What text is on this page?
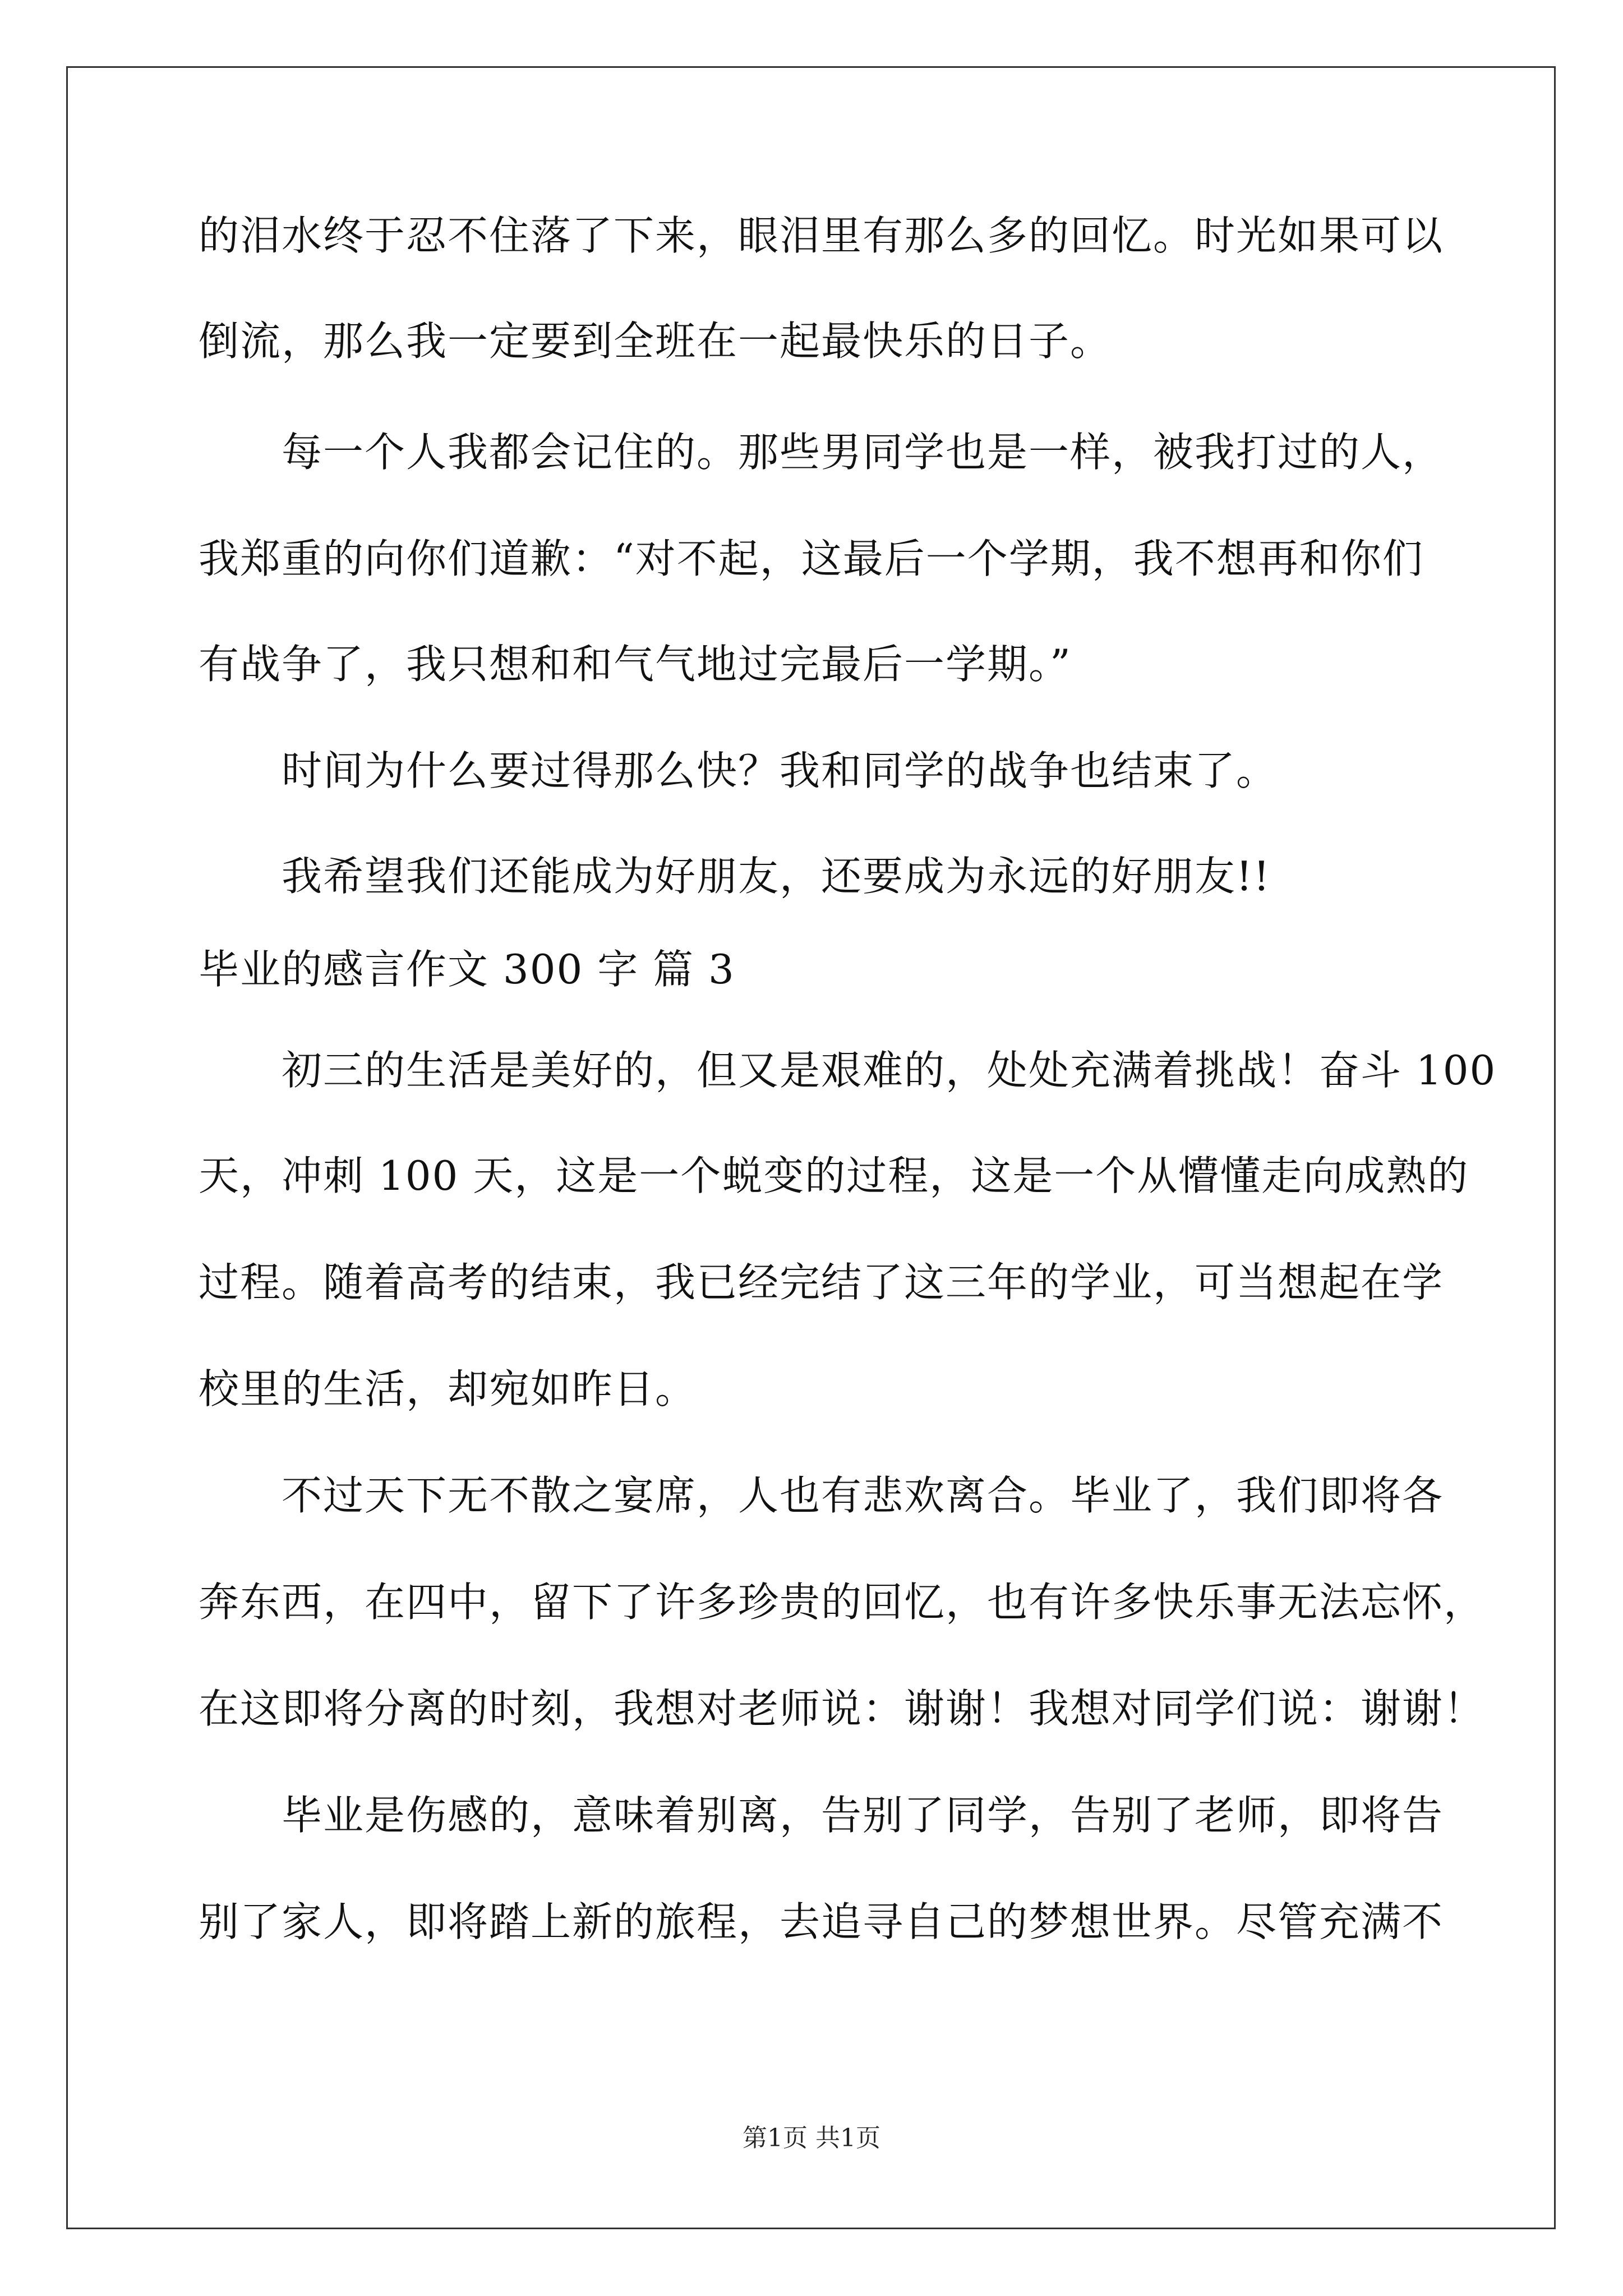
的泪水终于忍不住落了下来，眼泪里有那么多的回忆。时光如果可以
倒流，那么我一定要到全班在一起最快乐的日子。
每一个人我都会记住的。那些男同学也是一样，被我打过的人，
我郑重的向你们道歉：“对不起，这最后一个学期，我不想再和你们
有战争了，我只想和和气气地过完最后一学期。”
时间为什么要过得那么快？我和同学的战争也结束了。
我希望我们还能成为好朋友，还要成为永远的好朋友!!
毕业的感言作文 300 字 篇 3
初三的生活是美好的，但又是艰难的，处处充满着挑战！奋斗 100
天，冲刺 100 天，这是一个蜕变的过程，这是一个从懵懂走向成熟的
过程。随着高考的结束，我已经完结了这三年的学业，可当想起在学
校里的生活，却宛如昨日。
不过天下无不散之宴席，人也有悲欢离合。毕业了，我们即将各
奔东西，在四中，留下了许多珍贵的回忆，也有许多快乐事无法忘怀，
在这即将分离的时刻，我想对老师说：谢谢！我想对同学们说：谢谢！
毕业是伤感的，意味着别离，告别了同学，告别了老师，即将告
别了家人，即将踏上新的旅程，去追寻自己的梦想世界。尽管充满不
第1页 共1页
